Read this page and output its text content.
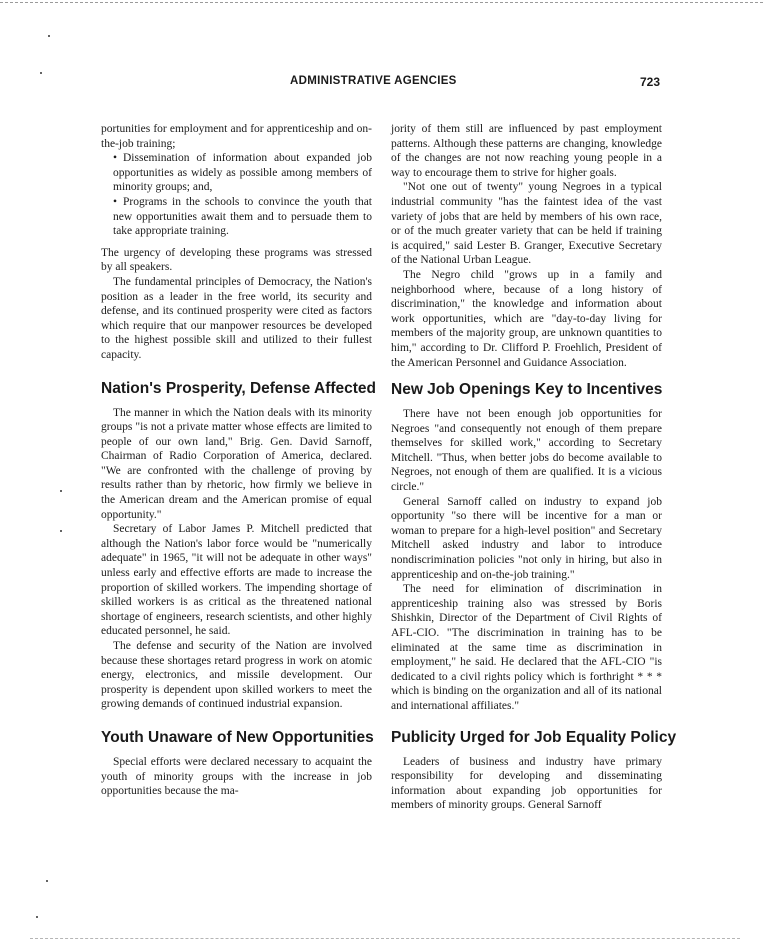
ADMINISTRATIVE AGENCIES	723

portunities for employment and for apprenticeship and on-the-job training;

• Dissemination of information about expanded job opportunities as widely as possible among members of minority groups; and,

• Programs in the schools to convince the youth that new opportunities await them and to persuade them to take appropriate training.

The urgency of developing these programs was stressed by all speakers.

The fundamental principles of Democracy, the Nation's position as a leader in the free world, its security and defense, and its continued prosperity were cited as factors which require that our manpower resources be developed to the highest possible skill and utilized to their fullest capacity.

Nation's Prosperity, Defense Affected

The manner in which the Nation deals with its minority groups "is not a private matter whose effects are limited to people of our own land," Brig. Gen. David Sarnoff, Chairman of Radio Corporation of America, declared. "We are confronted with the challenge of proving by results rather than by rhetoric, how firmly we believe in the American dream and the American promise of equal opportunity."

Secretary of Labor James P. Mitchell predicted that although the Nation's labor force would be "numerically adequate" in 1965, "it will not be adequate in other ways" unless early and effective efforts are made to increase the proportion of skilled workers. The impending shortage of skilled workers is as critical as the threatened national shortage of engineers, research scientists, and other highly educated personnel, he said.

The defense and security of the Nation are involved because these shortages retard progress in work on atomic energy, electronics, and missile development. Our prosperity is dependent upon skilled workers to meet the growing demands of continued industrial expansion.

Youth Unaware of New Opportunities

Special efforts were declared necessary to acquaint the youth of minority groups with the increase in job opportunities because the ma-

jority of them still are influenced by past employment patterns. Although these patterns are changing, knowledge of the changes are not now reaching young people in a way to encourage them to strive for higher goals.

"Not one out of twenty" young Negroes in a typical industrial community "has the faintest idea of the vast variety of jobs that are held by members of his own race, or of the much greater variety that can be held if training is acquired," said Lester B. Granger, Executive Secretary of the National Urban League.

The Negro child "grows up in a family and neighborhood where, because of a long history of discrimination," the knowledge and information about work opportunities, which are "day-to-day living for members of the majority group, are unknown quantities to him," according to Dr. Clifford P. Froehlich, President of the American Personnel and Guidance Association.

New Job Openings Key to Incentives

There have not been enough job opportunities for Negroes "and consequently not enough of them prepare themselves for skilled work," according to Secretary Mitchell. "Thus, when better jobs do become available to Negroes, not enough of them are qualified. It is a vicious circle."

General Sarnoff called on industry to expand job opportunity "so there will be incentive for a man or woman to prepare for a high-level position" and Secretary Mitchell asked industry and labor to introduce nondiscrimination policies "not only in hiring, but also in apprenticeship and on-the-job training."

The need for elimination of discrimination in apprenticeship training also was stressed by Boris Shishkin, Director of the Department of Civil Rights of AFL-CIO. "The discrimination in training has to be eliminated at the same time as discrimination in employment," he said. He declared that the AFL-CIO "is dedicated to a civil rights policy which is forthright * * * which is binding on the organization and all of its national and international affiliates."

Publicity Urged for Job Equality Policy

Leaders of business and industry have primary responsibility for developing and disseminating information about expanding job opportunities for members of minority groups. General Sarnoff
